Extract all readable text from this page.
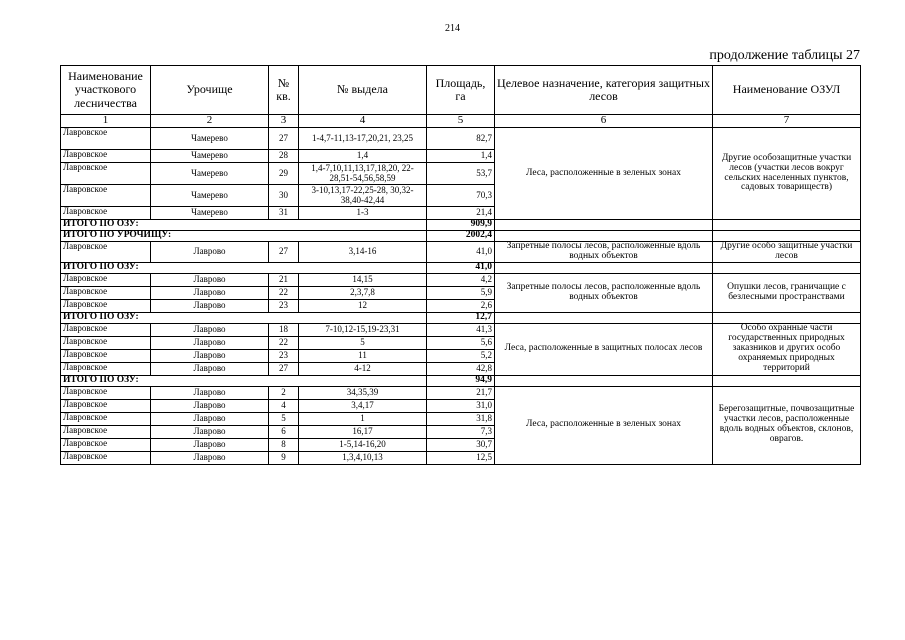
214
продолжение таблицы 27
Наименование участкового лесничества	Урочище	№ кв.	№ выдела	Площадь, га	Целевое назначение, категория защитных лесов	Наименование ОЗУЛ
1	2	3	4	5	6	7
Лавровское	Чамерево	27	1-4,7-11,13-17,20,21, 23,25	82,7	Леса, расположенные в зеленых зонах	Другие особозащитные участки лесов (участки лесов вокруг сельских населенных пунктов, садовых товариществ)
Лавровское	Чамерево	28	1,4	1,4		
Лавровское	Чамерево	29	1,4-7,10,11,13,17,18,20, 22-28,51-54,56,58,59	53,7		
Лавровское	Чамерево	30	3-10,13,17-22,25-28, 30,32-38,40-42,44	70,3		
Лавровское	Чамерево	31	1-3	21,4		
ИТОГО ПО ОЗУ:				909,9		
ИТОГО ПО УРОЧИЩУ:				2002,4		
Лавровское	Лаврово	27	3,14-16	41,0	Запретные полосы лесов, расположенные вдоль водных объектов	Другие особо защитные участки лесов
ИТОГО ПО ОЗУ:				41,0		
Лавровское	Лаврово	21	14,15	4,2	Запретные полосы лесов, расположенные вдоль водных объектов	Опушки лесов, граничащие с безлесными пространствами
Лавровское	Лаврово	22	2,3,7,8	5,9		
Лавровское	Лаврово	23	12	2,6		
ИТОГО ПО ОЗУ:				12,7		
Лавровское	Лаврово	18	7-10,12-15,19-23,31	41,3	Леса, расположенные в защитных полосах лесов	Особо охранные части государственных природных заказников и других особо охраняемых природных территорий
Лавровское	Лаврово	22	5	5,6		
Лавровское	Лаврово	23	11	5,2		
Лавровское	Лаврово	27	4-12	42,8		
ИТОГО ПО ОЗУ:				94,9		
Лавровское	Лаврово	2	34,35,39	21,7	Леса, расположенные в зеленых зонах	Берегозащитные, почвозащитные участки лесов, расположенные вдоль водных объектов, склонов, оврагов.
Лавровское	Лаврово	4	3,4,17	31,0		
Лавровское	Лаврово	5	1	31,8		
Лавровское	Лаврово	6	16,17	7,3		
Лавровское	Лаврово	8	1-5,14-16,20	30,7		
Лавровское	Лаврово	9	1,3,4,10,13	12,5		
